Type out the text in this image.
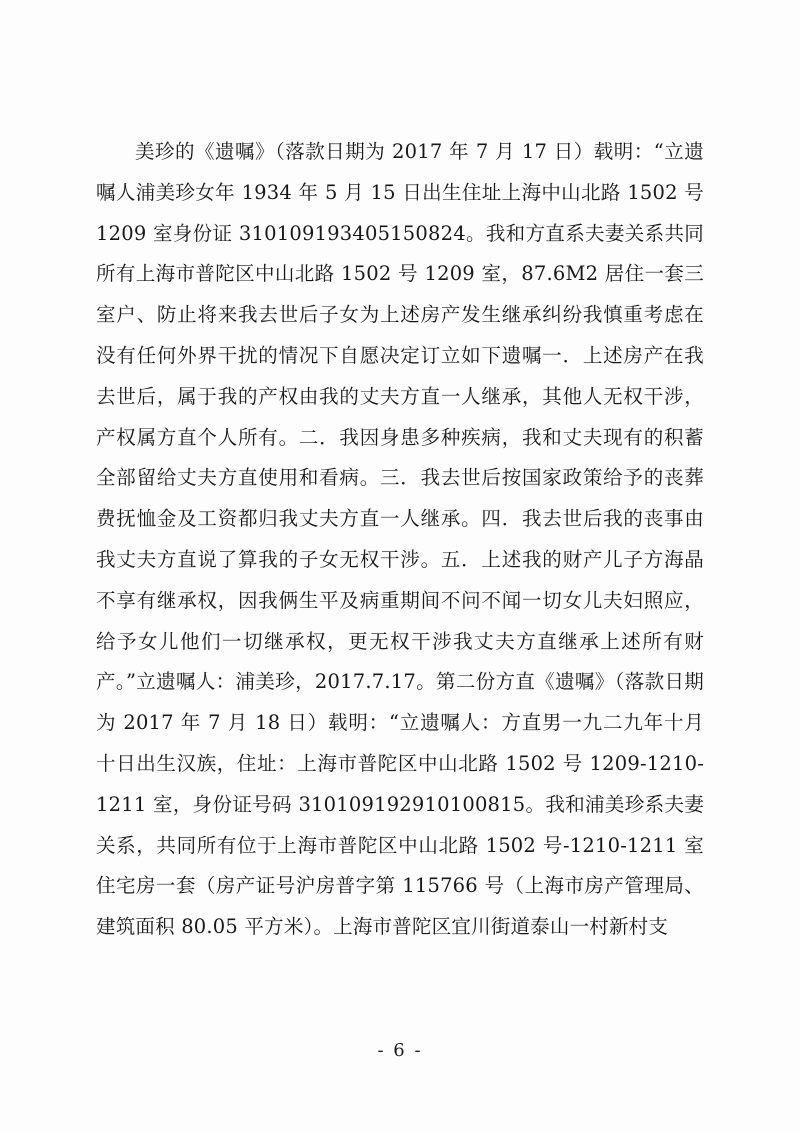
美珍的《遗嘱》（落款日期为 2017 年 7 月 17 日）载明：“立遗嘱人浦美珍女年 1934 年 5 月 15 日出生住址上海中山北路 1502 号 1209 室身份证 310109193405150824。我和方直系夫妻关系共同所有上海市普陀区中山北路 1502 号 1209 室，87.6M2 居住一套三室户、防止将来我去世后子女为上述房产发生继承纠纷我慎重考虑在没有任何外界干扰的情况下自愿决定订立如下遗嘱一．上述房产在我去世后，属于我的产权由我的丈夫方直一人继承，其他人无权干涉，产权属方直个人所有。二．我因身患多种疾病，我和丈夫现有的积蓄全部留给丈夫方直使用和看病。三．我去世后按国家政策给予的丧葬费抚恤金及工资都归我丈夫方直一人继承。四．我去世后我的丧事由我丈夫方直说了算我的子女无权干涉。五．上述我的财产儿子方海晶不享有继承权，因我俩生平及病重期间不问不闻一切女儿夫妇照应，给予女儿他们一切继承权，更无权干涉我丈夫方直继承上述所有财产。”立遗嘱人：浦美珍，2017.7.17。第二份方直《遗嘱》（落款日期为 2017 年 7 月 18 日）载明：“立遗嘱人：方直男一九二九年十月十日出生汉族，住址：上海市普陀区中山北路 1502 号 1209-1210-1211 室，身份证号码 310109192910100815。我和浦美珍系夫妻关系，共同所有位于上海市普陀区中山北路 1502 号-1210-1211 室住宅房一套（房产证号沪房普字第 115766 号（上海市房产管理局、建筑面积 80.05 平方米）。上海市普陀区宜川街道泰山一村新村支

- 6 -
